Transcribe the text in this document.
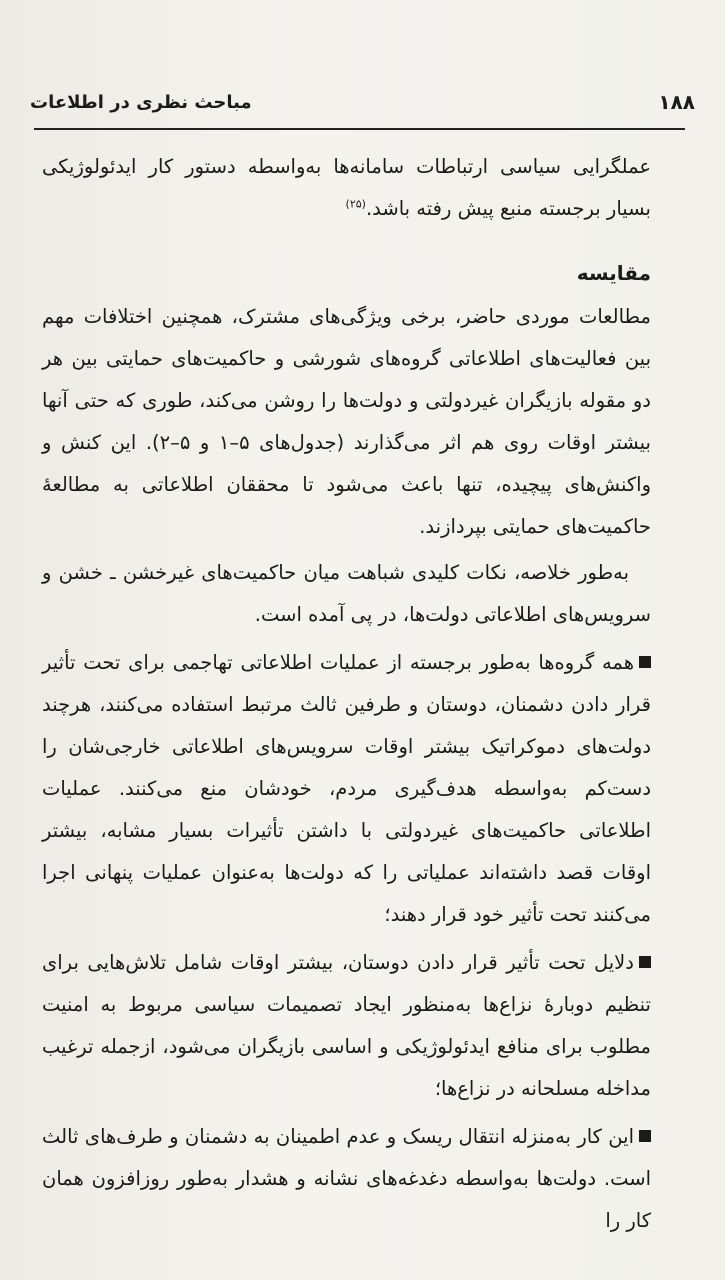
۱۸۸
مباحث نظری در اطلاعات

عملگرایی سیاسی ارتباطات سامانه‌ها به‌واسطه دستور کار ایدئولوژیکی بسیار برجسته منبع پیش رفته باشد.$^{(۲۵)}$

مقایسه

مطالعات موردی حاضر، برخی ویژگی‌های مشترک، همچنین اختلافات مهم بین فعالیت‌های اطلاعاتی گروه‌های شورشی و حاکمیت‌های حمایتی بین هر دو مقوله بازیگران غیردولتی و دولت‌ها را روشن می‌کند، طوری که حتی آنها بیشتر اوقات روی هم اثر می‌گذارند (جدول‌های ۵–۱ و ۵–۲). این کنش و واکنش‌های پیچیده، تنها باعث می‌شود تا محققان اطلاعاتی به مطالعهٔ حاکمیت‌های حمایتی بپردازند.

به‌طور خلاصه، نکات کلیدی شباهت میان حاکمیت‌های غیرخشن ـ خشن و سرویس‌های اطلاعاتی دولت‌ها، در پی آمده است.

همه گروه‌ها به‌طور برجسته از عملیات اطلاعاتی تهاجمی برای تحت تأثیر قرار دادن دشمنان، دوستان و طرفین ثالث مرتبط استفاده می‌کنند، هرچند دولت‌های دموکراتیک بیشتر اوقات سرویس‌های اطلاعاتی خارجی‌شان را دست‌کم به‌واسطه هدف‌گیری مردم، خودشان منع می‌کنند. عملیات اطلاعاتی حاکمیت‌های غیردولتی با داشتن تأثیرات بسیار مشابه، بیشتر اوقات قصد داشته‌اند عملیاتی را که دولت‌ها به‌عنوان عملیات پنهانی اجرا می‌کنند تحت تأثیر خود قرار دهند؛

دلایل تحت تأثیر قرار دادن دوستان، بیشتر اوقات شامل تلاش‌هایی برای تنظیم دوبارهٔ نزاع‌ها به‌منظور ایجاد تصمیمات سیاسی مربوط به امنیت مطلوب برای منافع ایدئولوژیکی و اساسی بازیگران می‌شود، ازجمله ترغیب مداخله مسلحانه در نزاع‌ها؛

این کار به‌منزله انتقال ریسک و عدم اطمینان به دشمنان و طرف‌های ثالث است. دولت‌ها به‌واسطه دغدغه‌های نشانه و هشدار به‌طور روزافزون همان کار را
